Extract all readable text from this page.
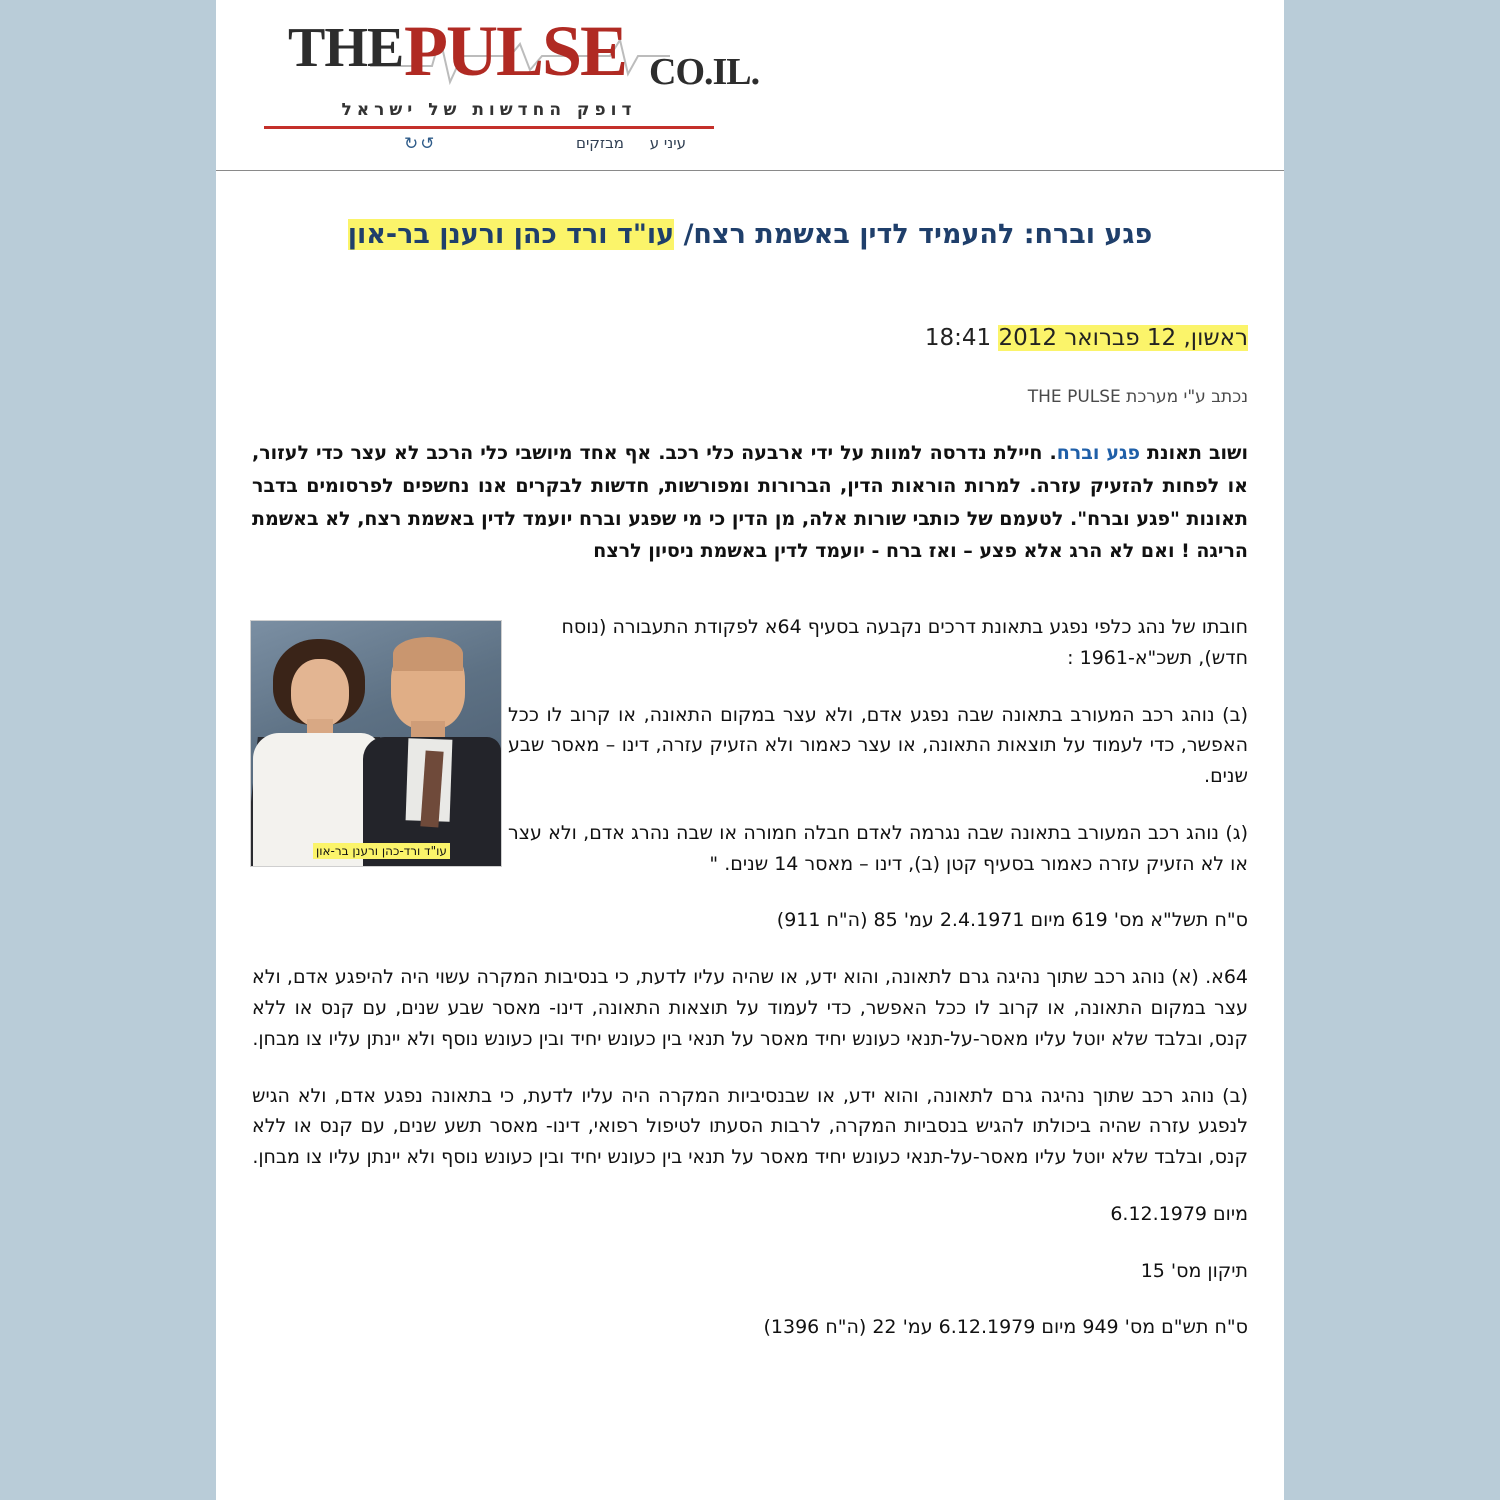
THE PULSE .CO.IL
דופק החדשות של ישראל
מבזקים עיני ע
↺↻
פגע וברח: להעמיד לדין באשמת רצח/ עו"ד ורד כהן ורענן בר-און
ראשון, 12 פברואר 2012 18:41
נכתב ע"י מערכת THE PULSE

ושוב תאונת פגע וברח. חיילת נדרסה למוות על ידי ארבעה כלי רכב. אף אחד מיושבי כלי הרכב לא עצר כדי לעזור, או לפחות להזעיק עזרה. למרות הוראות הדין, הברורות ומפורשות, חדשות לבקרים אנו נחשפים לפרסומים בדבר תאונות "פגע וברח". לטעמם של כותבי שורות אלה, מן הדין כי מי שפגע וברח יועמד לדין באשמת רצח, לא באשמת הריגה ! ואם לא הרג אלא פצע – ואז ברח - יועמד לדין באשמת ניסיון לרצח

עו"ד ורד-כהן ורענן בר-און

חובתו של נהג כלפי נפגע בתאונת דרכים נקבעה בסעיף 64א לפקודת התעבורה (נוסח חדש), תשכ"א-1961 :

(ב) נוהג רכב המעורב בתאונה שבה נפגע אדם, ולא עצר במקום התאונה, או קרוב לו ככל האפשר, כדי לעמוד על תוצאות התאונה, או עצר כאמור ולא הזעיק עזרה, דינו – מאסר שבע שנים.

(ג) נוהג רכב המעורב בתאונה שבה נגרמה לאדם חבלה חמורה או שבה נהרג אדם, ולא עצר או לא הזעיק עזרה כאמור בסעיף קטן (ב), דינו – מאסר 14 שנים. "

ס"ח תשל"א מס' 619 מיום 2.4.1971 עמ' 85 (ה"ח 911)

64א. (א) נוהג רכב שתוך נהיגה גרם לתאונה, והוא ידע, או שהיה עליו לדעת, כי בנסיבות המקרה עשוי היה להיפגע אדם, ולא עצר במקום התאונה, או קרוב לו ככל האפשר, כדי לעמוד על תוצאות התאונה, דינו- מאסר שבע שנים, עם קנס או ללא קנס, ובלבד שלא יוטל עליו מאסר-על-תנאי כעונש יחיד מאסר על תנאי בין כעונש יחיד ובין כעונש נוסף ולא יינתן עליו צו מבחן.

(ב) נוהג רכב שתוך נהיגה גרם לתאונה, והוא ידע, או שבנסיביות המקרה היה עליו לדעת, כי בתאונה נפגע אדם, ולא הגיש לנפגע עזרה שהיה ביכולתו להגיש בנסביות המקרה, לרבות הסעתו לטיפול רפואי, דינו- מאסר תשע שנים, עם קנס או ללא קנס, ובלבד שלא יוטל עליו מאסר-על-תנאי כעונש יחיד מאסר על תנאי בין כעונש יחיד ובין כעונש נוסף ולא יינתן עליו צו מבחן.

מיום 6.12.1979

תיקון מס' 15

ס"ח תש"ם מס' 949 מיום 6.12.1979 עמ' 22 (ה"ח 1396)
